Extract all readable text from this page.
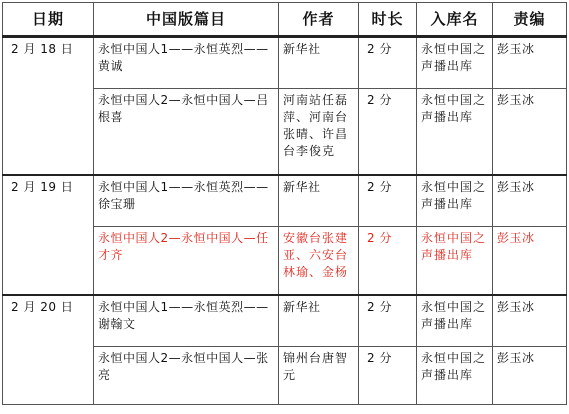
日期	中国版篇目	作者	时长	入库名	责编
2 月 18 日	永恒中国人1——永恒英烈——黄诚	新华社	2 分	永恒中国之声播出库	彭玉冰
	永恒中国人2—永恒中国人—吕根喜	河南站任磊萍、河南台张晴、许昌台李俊克	2 分	永恒中国之声播出库	彭玉冰
2 月 19 日	永恒中国人1——永恒英烈——徐宝珊	新华社	2 分	永恒中国之声播出库	彭玉冰
	永恒中国人2—永恒中国人—任才齐	安徽台张建亚、六安台林瑜、金杨	2 分	永恒中国之声播出库	彭玉冰
2 月 20 日	永恒中国人1——永恒英烈——谢翰文	新华社	2 分	永恒中国之声播出库	彭玉冰
	永恒中国人2—永恒中国人—张亮	锦州台唐智元	2 分	永恒中国之声播出库	彭玉冰
